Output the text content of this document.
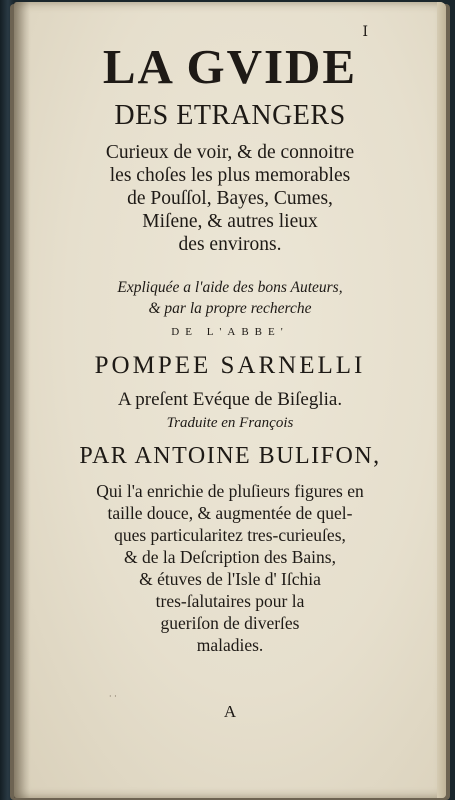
I
LA GVIDE
DES ETRANGERS
Curieux de voir, & de connoitre
les choſes les plus memorables
de Pouſſol, Bayes, Cumes,
Miſene, & autres lieux
des environs.
Expliquée a l'aide des bons Auteurs,
& par la propre recherche
DE L'ABBE'
POMPEE SARNELLI
A preſent Evéque de Biſeglia.
Traduite en François
PAR ANTOINE BULIFON,
Qui l'a enrichie de pluſieurs figures en
taille douce, & augmentée de quel-
ques particularitez tres-curieuſes,
& de la Deſcription des Bains,
& étuves de l'Isle d' Iſchia
tres-ſalutaires pour la
gueriſon de diverſes
maladies.
· ·
A
